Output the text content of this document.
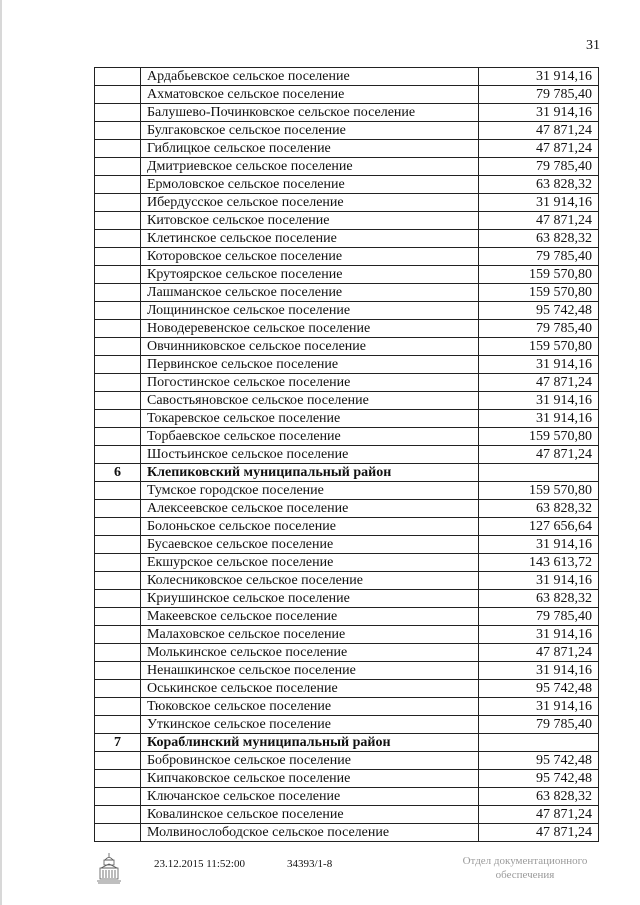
31
	Ардабьевское сельское поселение	31 914,16
	Ахматовское сельское поселение	79 785,40
	Балушево-Починковское сельское поселение	31 914,16
	Булгаковское сельское поселение	47 871,24
	Гиблицкое сельское поселение	47 871,24
	Дмитриевское сельское поселение	79 785,40
	Ермоловское сельское поселение	63 828,32
	Ибердусское сельское поселение	31 914,16
	Китовское сельское поселение	47 871,24
	Клетинское сельское поселение	63 828,32
	Которовское сельское поселение	79 785,40
	Крутоярское сельское поселение	159 570,80
	Лашманское сельское поселение	159 570,80
	Лощининское сельское поселение	95 742,48
	Новодеревенское сельское поселение	79 785,40
	Овчинниковское сельское поселение	159 570,80
	Первинское сельское поселение	31 914,16
	Погостинское сельское поселение	47 871,24
	Савостьяновское сельское поселение	31 914,16
	Токаревское сельское поселение	31 914,16
	Торбаевское сельское поселение	159 570,80
	Шостьинское сельское поселение	47 871,24
6	Клепиковский муниципальный район	
	Тумское городское поселение	159 570,80
	Алексеевское сельское поселение	63 828,32
	Болоньское сельское поселение	127 656,64
	Бусаевское сельское поселение	31 914,16
	Екшурское сельское поселение	143 613,72
	Колесниковское сельское поселение	31 914,16
	Криушинское сельское поселение	63 828,32
	Макеевское сельское поселение	79 785,40
	Малаховское сельское поселение	31 914,16
	Молькинское сельское поселение	47 871,24
	Ненашкинское сельское поселение	31 914,16
	Оськинское сельское поселение	95 742,48
	Тюковское сельское поселение	31 914,16
	Уткинское сельское поселение	79 785,40
7	Кораблинский муниципальный район	
	Бобровинское сельское поселение	95 742,48
	Кипчаковское сельское поселение	95 742,48
	Ключанское сельское поселение	63 828,32
	Ковалинское сельское поселение	47 871,24
	Молвинослободское сельское поселение	47 871,24
23.12.2015 11:52:00	34393/1-8	Отдел документационного
обеспечения
